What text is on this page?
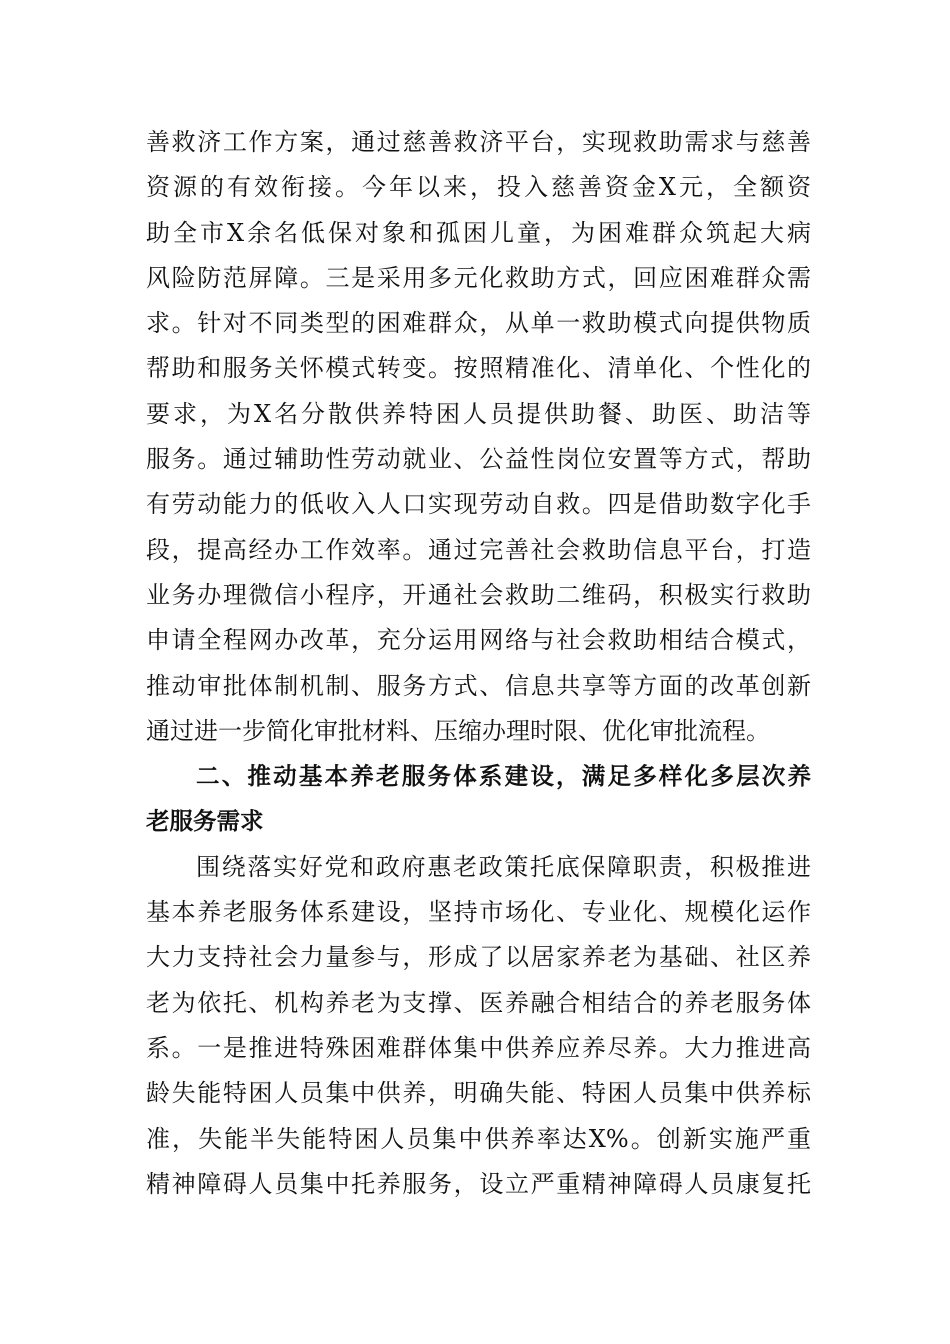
善救济工作方案，通过慈善救济平台，实现救助需求与慈善
资源的有效衔接。今年以来，投入慈善资金X元，全额资
助全市X余名低保对象和孤困儿童，为困难群众筑起大病
风险防范屏障。三是采用多元化救助方式，回应困难群众需
求。针对不同类型的困难群众，从单一救助模式向提供物质
帮助和服务关怀模式转变。按照精准化、清单化、个性化的
要求，为X名分散供养特困人员提供助餐、助医、助洁等
服务。通过辅助性劳动就业、公益性岗位安置等方式，帮助
有劳动能力的低收入人口实现劳动自救。四是借助数字化手
段，提高经办工作效率。通过完善社会救助信息平台，打造
业务办理微信小程序，开通社会救助二维码，积极实行救助
申请全程网办改革，充分运用网络与社会救助相结合模式，
推动审批体制机制、服务方式、信息共享等方面的改革创新
通过进一步简化审批材料、压缩办理时限、优化审批流程。
二、推动基本养老服务体系建设，满足多样化多层次养
老服务需求
围绕落实好党和政府惠老政策托底保障职责，积极推进
基本养老服务体系建设，坚持市场化、专业化、规模化运作
大力支持社会力量参与，形成了以居家养老为基础、社区养
老为依托、机构养老为支撑、医养融合相结合的养老服务体
系。一是推进特殊困难群体集中供养应养尽养。大力推进高
龄失能特困人员集中供养，明确失能、特困人员集中供养标
准，失能半失能特困人员集中供养率达X%。创新实施严重
精神障碍人员集中托养服务，设立严重精神障碍人员康复托
